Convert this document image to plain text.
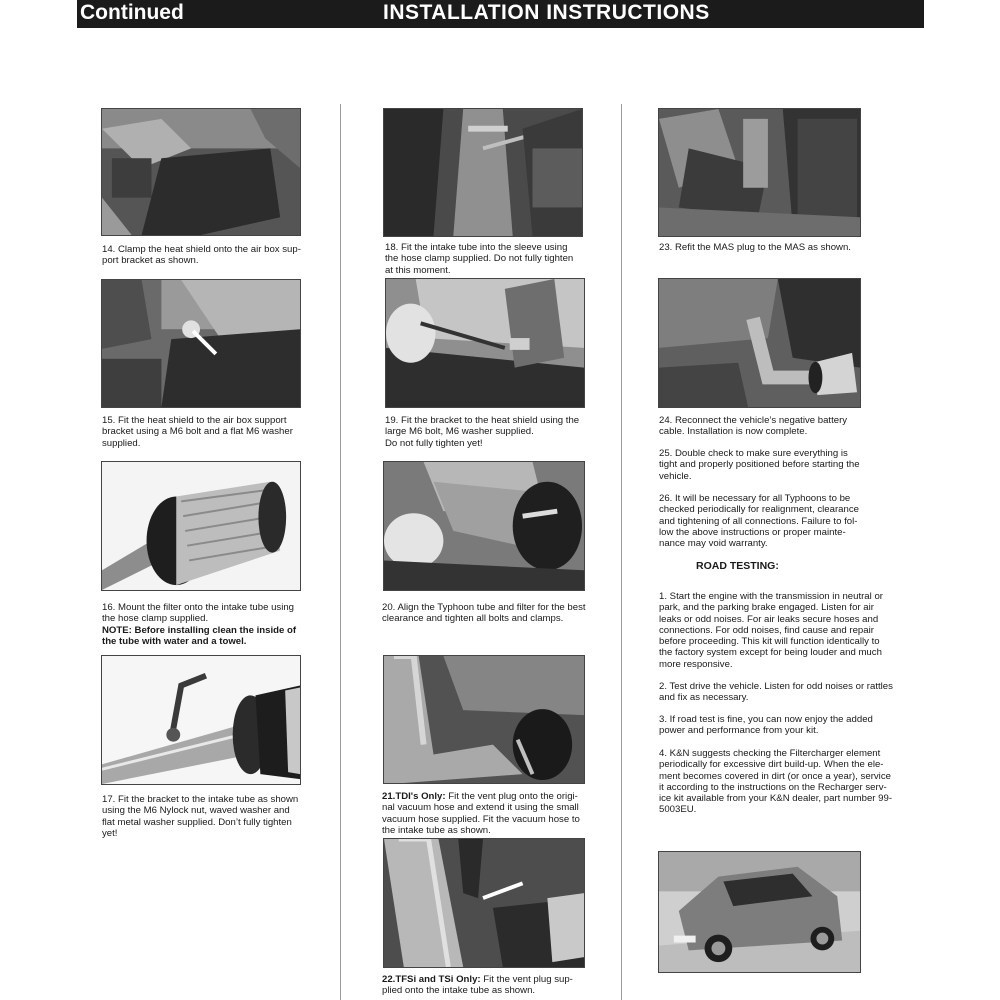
Continued	INSTALLATION INSTRUCTIONS
14. Clamp the heat shield onto the air box sup-
port bracket as shown.
15. Fit the heat shield to the air box support
bracket using a M6 bolt and a flat M6 washer
supplied.
16. Mount the filter onto the intake tube using
the hose clamp supplied.
NOTE: Before installing clean the inside of
the tube with water and a towel.
17. Fit the bracket to the intake tube as shown
using the M6 Nylock nut, waved washer and
flat metal washer supplied. Don’t fully tighten
yet!
18. Fit the intake tube into the sleeve using
the hose clamp supplied. Do not fully tighten
at this moment.
19. Fit the bracket to the heat shield using the
large M6 bolt, M6 washer supplied.
Do not fully tighten yet!
20. Align the Typhoon tube and filter for the best
clearance and tighten all bolts and clamps.
21.TDI's Only: Fit the vent plug onto the origi-
nal vacuum hose and extend it using the small
vacuum hose supplied. Fit the vacuum hose to
the intake tube as shown.
22.TFSi and TSi Only: Fit the vent plug sup-
plied onto the intake tube as shown.
23. Refit the MAS plug to the MAS as shown.
24. Reconnect the vehicle’s negative battery
cable. Installation is now complete.
25. Double check to make sure everything is
tight and properly positioned before starting the
vehicle.
26. It will be necessary for all Typhoons to be
checked periodically for realignment, clearance
and tightening of all connections. Failure to fol-
low the above instructions or proper mainte-
nance may void warranty.
ROAD TESTING:
1. Start the engine with the transmission in neutral or
park, and the parking brake engaged. Listen for air
leaks or odd noises. For air leaks secure hoses and
connections. For odd noises, find cause and repair
before proceeding. This kit will function identically to
the factory system except for being louder and much
more responsive.
2. Test drive the vehicle. Listen for odd noises or rattles
and fix as necessary.
3. If road test is fine, you can now enjoy the added
power and performance from your kit.
4. K&N suggests checking the Filtercharger element
periodically for excessive dirt build-up. When the ele-
ment becomes covered in dirt (or once a year), service
it according to the instructions on the Recharger serv-
ice kit available from your K&N dealer, part number 99-
5003EU.
